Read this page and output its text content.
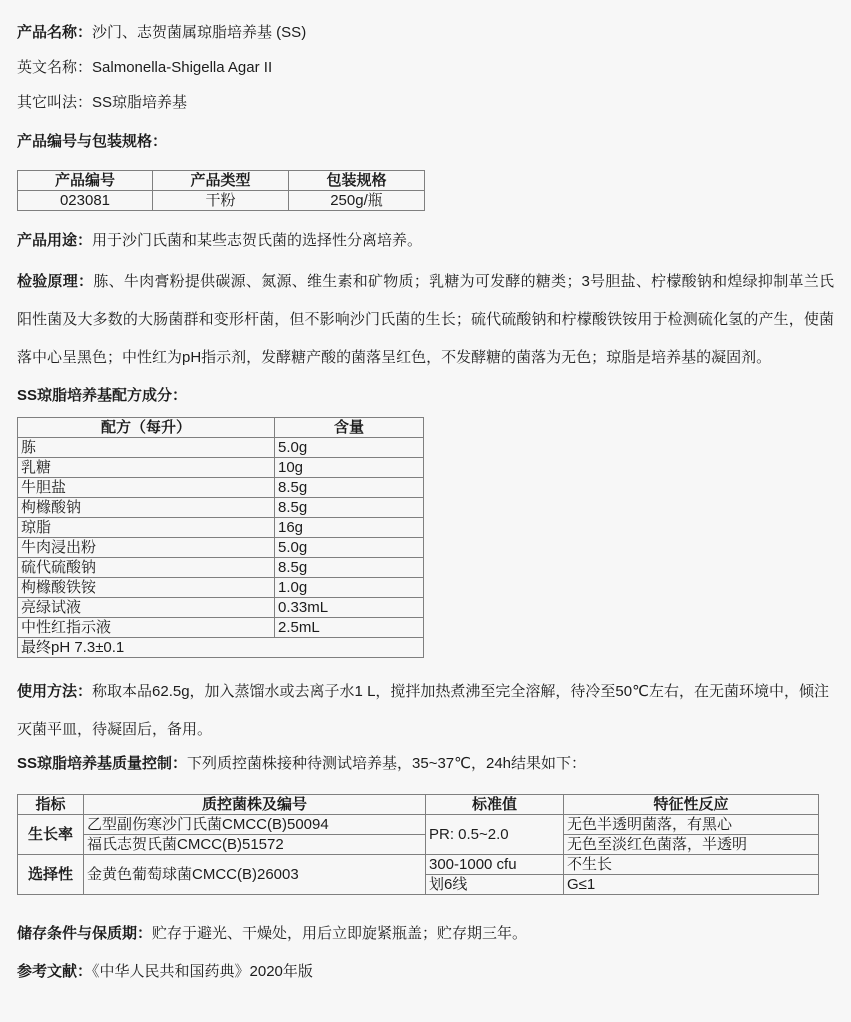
产品名称：沙门、志贺菌属琼脂培养基 (SS)

英文名称：Salmonella-Shigella Agar II

其它叫法：SS琼脂培养基

产品编号与包装规格：

产品编号	产品类型	包装规格
023081	干粉	250g/瓶

产品用途：用于沙门氏菌和某些志贺氏菌的选择性分离培养。

检验原理：胨、牛肉膏粉提供碳源、氮源、维生素和矿物质；乳糖为可发酵的糖类；3号胆盐、柠檬酸钠和煌绿抑制革兰氏阳性菌及大多数的大肠菌群和变形杆菌，但不影响沙门氏菌的生长；硫代硫酸钠和柠檬酸铁铵用于检测硫化氢的产生，使菌落中心呈黑色；中性红为pH指示剂，发酵糖产酸的菌落呈红色，不发酵糖的菌落为无色；琼脂是培养基的凝固剂。

SS琼脂培养基配方成分：

配方（每升）	含量
胨	5.0g
乳糖	10g
牛胆盐	8.5g
枸橼酸钠	8.5g
琼脂	16g
牛肉浸出粉	5.0g
硫代硫酸钠	8.5g
枸橼酸铁铵	1.0g
亮绿试液	0.33mL
中性红指示液	2.5mL
最终pH 7.3±0.1	

使用方法：称取本品62.5g，加入蒸馏水或去离子水1 L，搅拌加热煮沸至完全溶解，待冷至50℃左右，在无菌环境中，倾注灭菌平皿，待凝固后，备用。

SS琼脂培养基质量控制：下列质控菌株接种待测试培养基，35~37℃，24h结果如下：

指标	质控菌株及编号	标准值	特征性反应
生长率	乙型副伤寒沙门氏菌CMCC(B)50094	PR: 0.5~2.0	无色半透明菌落，有黑心
	福氏志贺氏菌CMCC(B)51572		无色至淡红色菌落，半透明
选择性	金黄色葡萄球菌CMCC(B)26003	300-1000 cfu	不生长
		划6线	G≤1

储存条件与保质期：贮存于避光、干燥处，用后立即旋紧瓶盖；贮存期三年。

参考文献：《中华人民共和国药典》2020年版
